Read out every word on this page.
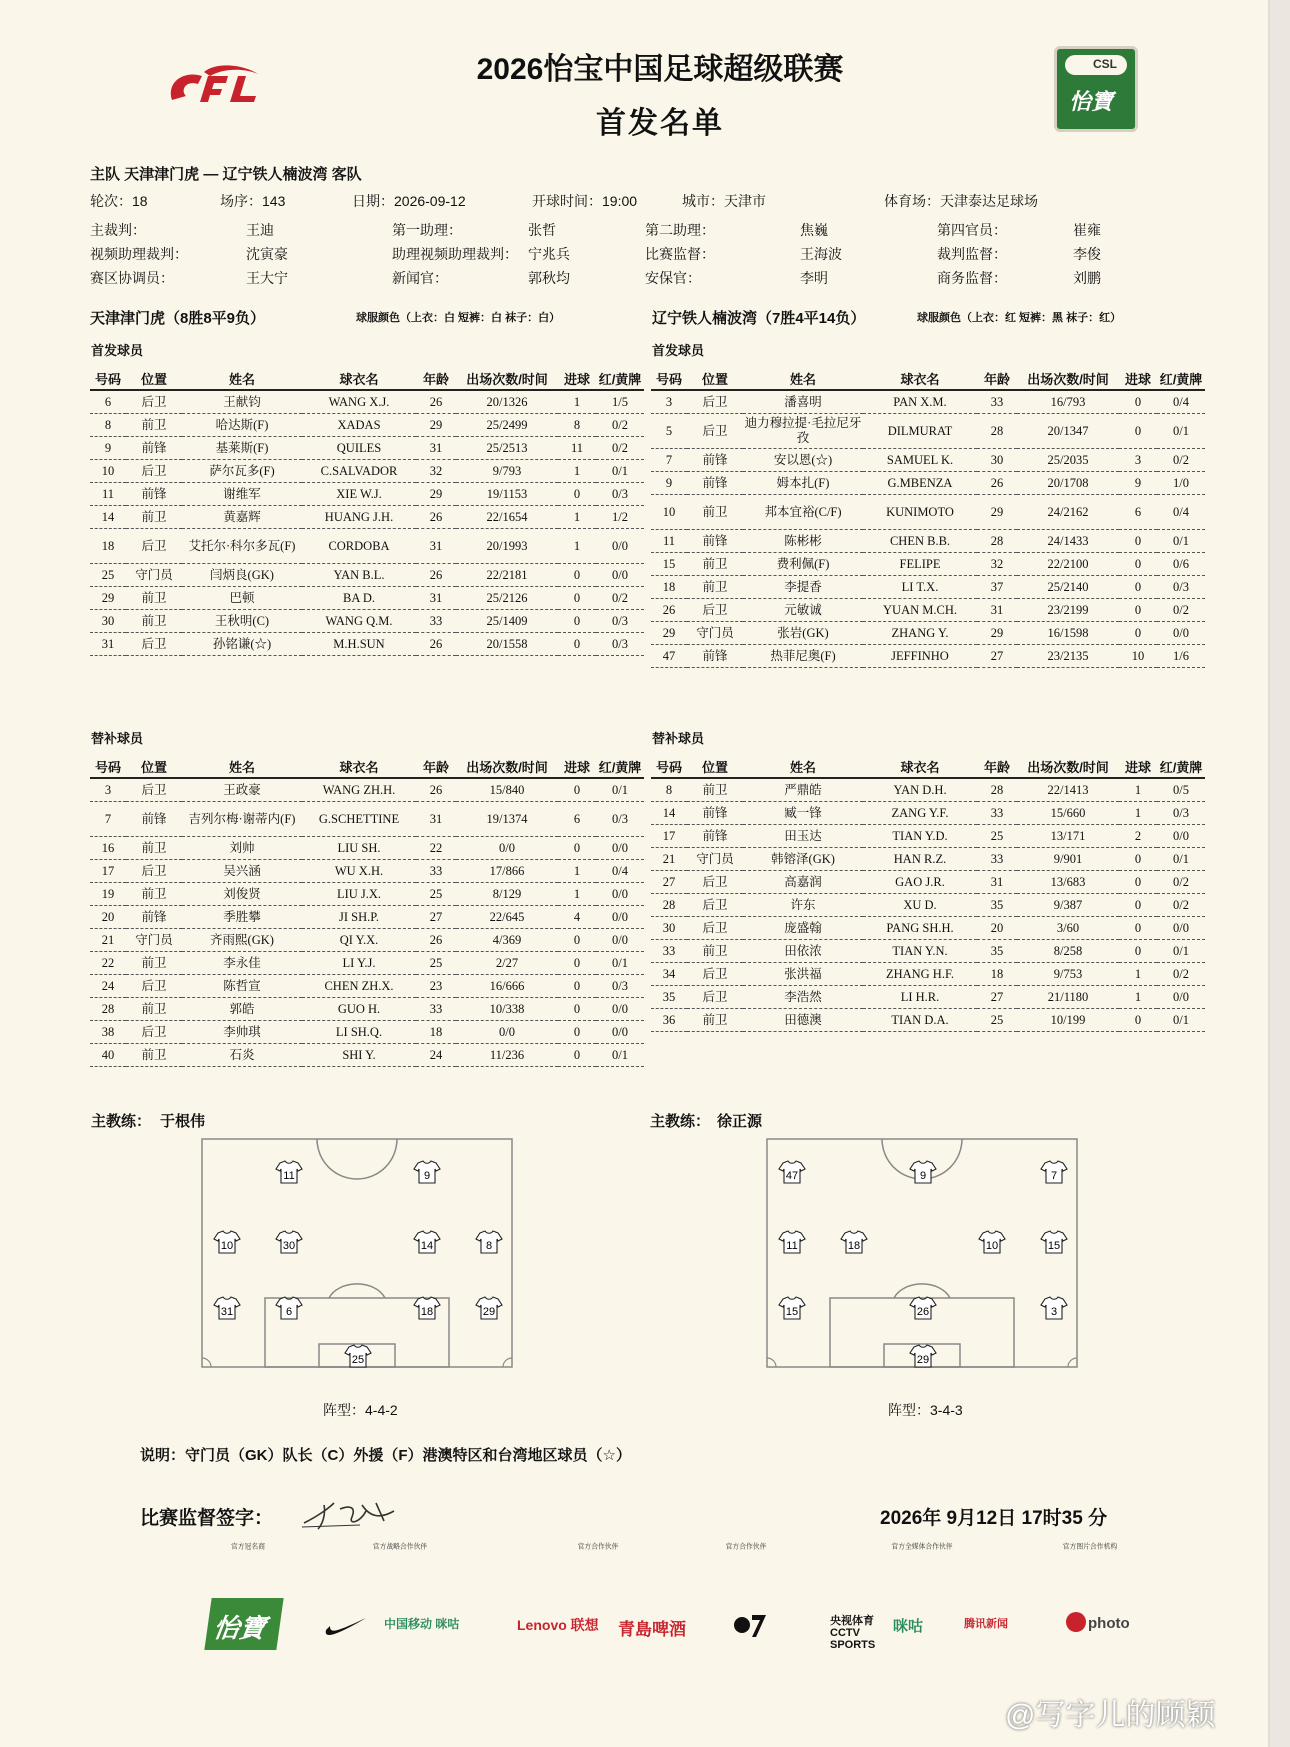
2026怡宝中国足球超级联赛
首发名单
CSL
怡寶
主队 天津津门虎 — 辽宁铁人楠波湾 客队
轮次：18	场序：143	日期：2026-09-12	开球时间：19:00	城市：天津市	体育场：天津泰达足球场
主裁判：	王迪	第一助理：	张哲	第二助理：	焦巍	第四官员：	崔雍
视频助理裁判：	沈寅豪	助理视频助理裁判： 宁兆兵	比赛监督：	王海波	裁判监督：	李俊
赛区协调员：	王大宁	新闻官：	郭秋均	安保官：	李明	商务监督：	刘鹏
天津津门虎（8胜8平9负）	球服颜色（上衣：白 短裤：白 袜子：白）	辽宁铁人楠波湾（7胜4平14负）	球服颜色（上衣：红 短裤：黑 袜子：红）
首发球员	首发球员
号码	位置	姓名	球衣名	年龄	出场次数/时间	进球	红/黄牌
6	后卫	王献钧	WANG X.J.	26	20/1326	1	1/5
8	前卫	哈达斯(F)	XADAS	29	25/2499	8	0/2
9	前锋	基莱斯(F)	QUILES	31	25/2513	11	0/2
10	后卫	萨尔瓦多(F)	C.SALVADOR	32	9/793	1	0/1
11	前锋	谢维军	XIE W.J.	29	19/1153	0	0/3
14	前卫	黄嘉辉	HUANG J.H.	26	22/1654	1	1/2
18	后卫	艾托尔·科尔多瓦(F)	CORDOBA	31	20/1993	1	0/0
25	守门员	闫炳良(GK)	YAN B.L.	26	22/2181	0	0/0
29	前卫	巴顿	BA D.	31	25/2126	0	0/2
30	前卫	王秋明(C)	WANG Q.M.	33	25/1409	0	0/3
31	后卫	孙铭谦(☆)	M.H.SUN	26	20/1558	0	0/3
号码	位置	姓名	球衣名	年龄	出场次数/时间	进球	红/黄牌
3	后卫	潘喜明	PAN X.M.	33	16/793	0	0/4
5	后卫	迪力穆拉提·毛拉尼牙孜	DILMURAT	28	20/1347	0	0/1
7	前锋	安以恩(☆)	SAMUEL K.	30	25/2035	3	0/2
9	前锋	姆本扎(F)	G.MBENZA	26	20/1708	9	1/0
10	前卫	邦本宜裕(C/F)	KUNIMOTO	29	24/2162	6	0/4
11	前锋	陈彬彬	CHEN B.B.	28	24/1433	0	0/1
15	前卫	费利佩(F)	FELIPE	32	22/2100	0	0/6
18	前卫	李提香	LI T.X.	37	25/2140	0	0/3
26	后卫	元敏诚	YUAN M.CH.	31	23/2199	0	0/2
29	守门员	张岩(GK)	ZHANG Y.	29	16/1598	0	0/0
47	前锋	热菲尼奥(F)	JEFFINHO	27	23/2135	10	1/6
替补球员	替补球员
号码	位置	姓名	球衣名	年龄	出场次数/时间	进球	红/黄牌
3	后卫	王政豪	WANG ZH.H.	26	15/840	0	0/1
7	前锋	吉列尔梅·谢蒂内(F)	G.SCHETTINE	31	19/1374	6	0/3
16	前卫	刘帅	LIU SH.	22	0/0	0	0/0
17	后卫	吴兴涵	WU X.H.	33	17/866	1	0/4
19	前卫	刘俊贤	LIU J.X.	25	8/129	1	0/0
20	前锋	季胜攀	JI SH.P.	27	22/645	4	0/0
21	守门员	齐雨熙(GK)	QI Y.X.	26	4/369	0	0/0
22	前卫	李永佳	LI Y.J.	25	2/27	0	0/1
24	后卫	陈哲宣	CHEN ZH.X.	23	16/666	0	0/3
28	前卫	郭皓	GUO H.	33	10/338	0	0/0
38	后卫	李帅琪	LI SH.Q.	18	0/0	0	0/0
40	前卫	石炎	SHI Y.	24	11/236	0	0/1
号码	位置	姓名	球衣名	年龄	出场次数/时间	进球	红/黄牌
8	前卫	严鼎皓	YAN D.H.	28	22/1413	1	0/5
14	前锋	臧一锋	ZANG Y.F.	33	15/660	1	0/3
17	前锋	田玉达	TIAN Y.D.	25	13/171	2	0/0
21	守门员	韩镕泽(GK)	HAN R.Z.	33	9/901	0	0/1
27	后卫	高嘉润	GAO J.R.	31	13/683	0	0/2
28	后卫	许东	XU D.	35	9/387	0	0/2
30	后卫	庞盛翰	PANG SH.H.	20	3/60	0	0/0
33	前卫	田依浓	TIAN Y.N.	35	8/258	0	0/1
34	后卫	张洪福	ZHANG H.F.	18	9/753	1	0/2
35	后卫	李浩然	LI H.R.	27	21/1180	1	0/0
36	前卫	田德澳	TIAN D.A.	25	10/199	0	0/1
主教练： 于根伟	主教练： 徐正源
11	9
10	30	14	8
31	6	18	29
25
47	9	7
11	18	10	15
15	26	3
29
阵型：4-4-2	阵型：3-4-3
说明：守门员（GK）队长（C）外援（F）港澳特区和台湾地区球员（☆）
比赛监督签字：	2026年 9月12日 17时35 分
官方冠名商	官方战略合作伙伴	官方合作伙伴	官方合作伙伴	官方全媒体合作伙伴	官方图片合作机构
怡寶	中国移动 咪咕	Lenovo 联想 青島啤酒	央视体育 CCTV SPORTS
咪咕	腾讯新闻	photo
@写字儿的顾颖
